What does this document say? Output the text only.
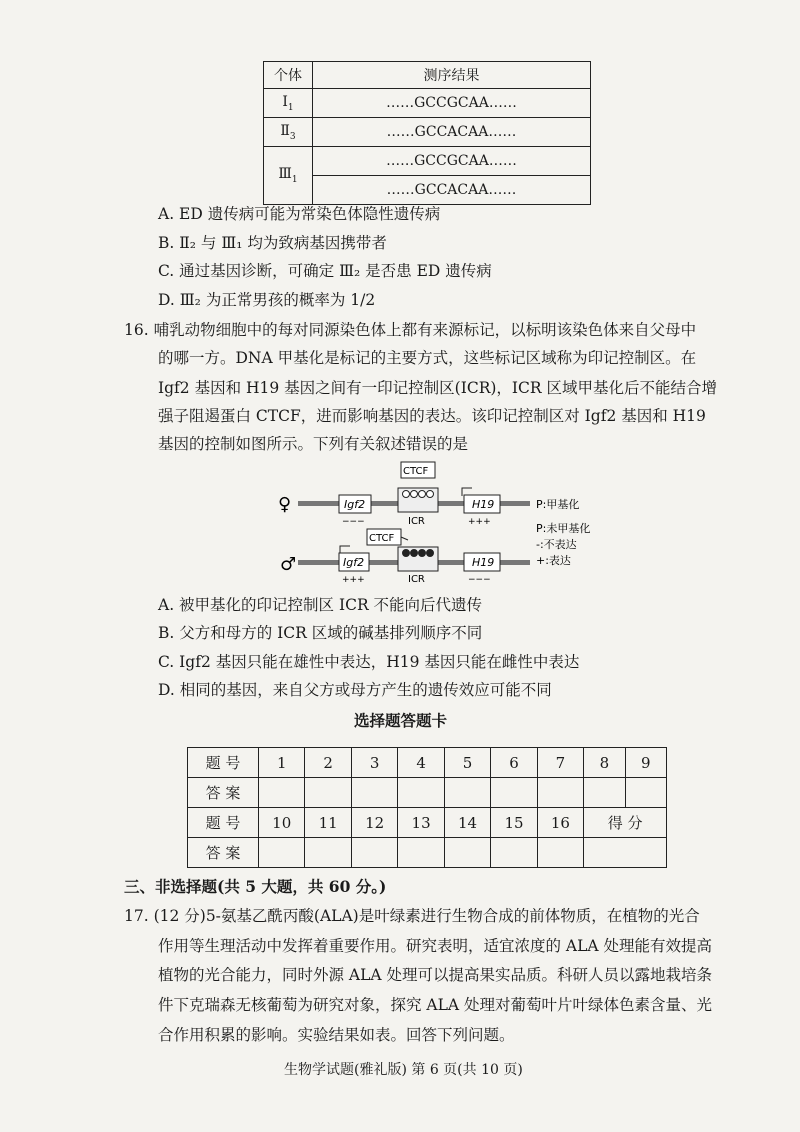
个体	测序结果
$Ⅰ_1$	……GCCGCAA……
$Ⅱ_3$	……GCCACAA……
$Ⅲ_1$	……GCCGCAA……
	……GCCACAA……
A. ED 遗传病可能为常染色体隐性遗传病
B. Ⅱ₂ 与 Ⅲ₁ 均为致病基因携带者
C. 通过基因诊断，可确定 Ⅲ₂ 是否患 ED 遗传病
D. Ⅲ₂ 为正常男孩的概率为 1/2
16. 哺乳动物细胞中的每对同源染色体上都有来源标记，以标明该染色体来自父母中
的哪一方。DNA 甲基化是标记的主要方式，这些标记区域称为印记控制区。在
Igf2 基因和 H19 基因之间有一印记控制区(ICR)，ICR 区域甲基化后不能结合增
强子阻遏蛋白 CTCF，进而影响基因的表达。该印记控制区对 Igf2 基因和 H19
基因的控制如图所示。下列有关叙述错误的是
♀	Igf2
−−−
CTCF
ICR
H19
+++
♂	Igf2
+++
CTCF
ICR
H19
−−−
P:甲基化
P:未甲基化
-:不表达
+:表达
A. 被甲基化的印记控制区 ICR 不能向后代遗传
B. 父方和母方的 ICR 区域的碱基排列顺序不同
C. Igf2 基因只能在雄性中表达，H19 基因只能在雌性中表达
D. 相同的基因，来自父方或母方产生的遗传效应可能不同
选择题答题卡
题 号	1	2	3	4	5	6	7	8	9
答 案									
题 号	10	11	12	13	14	15	16	得 分	
答 案									
三、非选择题(共 5 大题，共 60 分。)
17. (12 分)5-氨基乙酰丙酸(ALA)是叶绿素进行生物合成的前体物质，在植物的光合
作用等生理活动中发挥着重要作用。研究表明，适宜浓度的 ALA 处理能有效提高
植物的光合能力，同时外源 ALA 处理可以提高果实品质。科研人员以露地栽培条
件下克瑞森无核葡萄为研究对象，探究 ALA 处理对葡萄叶片叶绿体色素含量、光
合作用积累的影响。实验结果如表。回答下列问题。
生物学试题(雅礼版) 第 6 页(共 10 页)
